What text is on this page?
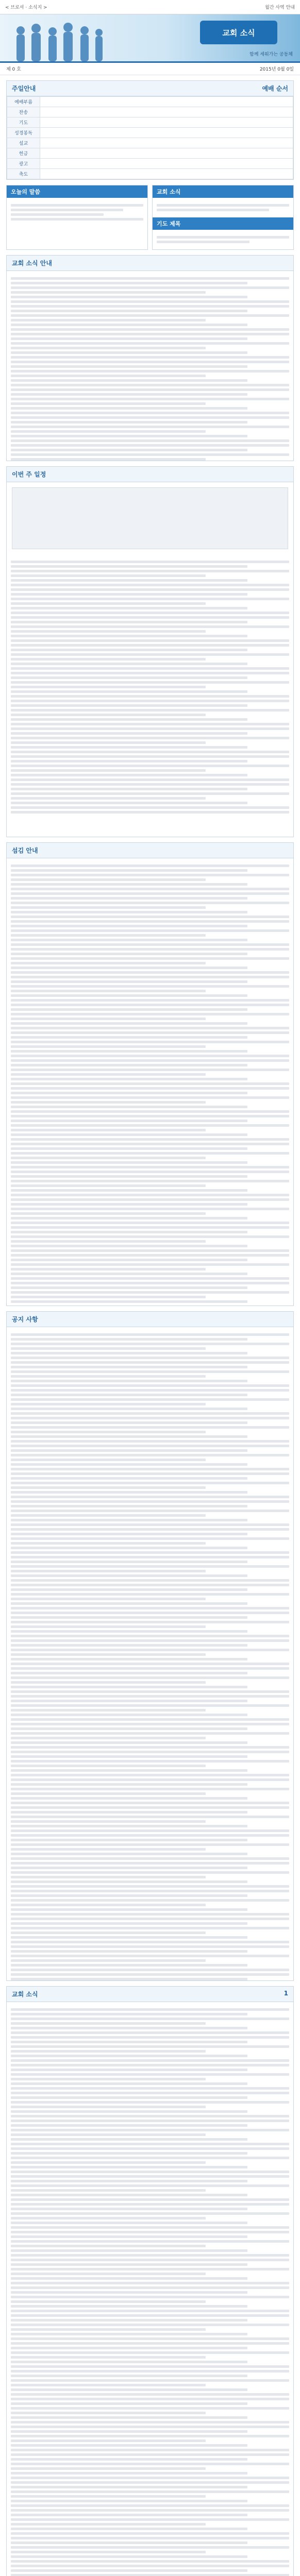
< 브로셔 · 소식지 >	월간 사역 안내
교회 소식
함께 세워가는 공동체
제 0 호	2015년 0월 0일
주일안내	예배 순서
예배부름	
찬송	
기도	
성경봉독	
설교	
헌금	
광고	
축도	
오늘의 말씀	교회 소식
기도 제목
교회 소식 안내
이번 주 일정
섬김 안내
공지 사항
교회 소식	1
